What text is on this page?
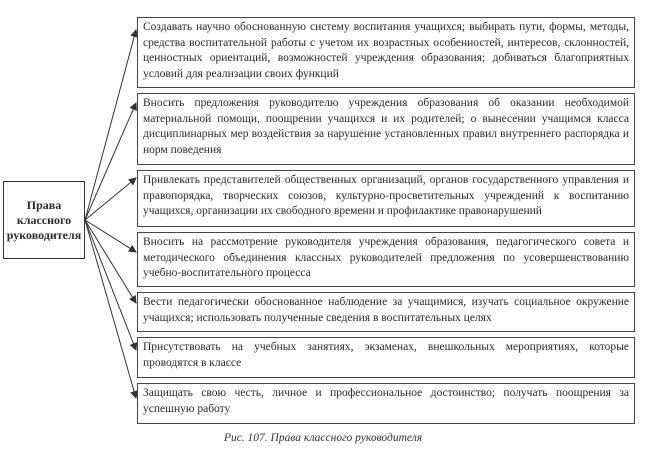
Права
классного
руководителя
Создавать научно обоснованную систему воспитания учащихся; выбирать пути, формы, методы, средства воспитательной работы с учетом их возрастных особенностей, интересов, склонностей, ценностных ориентаций, возможностей учреждения образования; добиваться благоприятных условий для реализации своих функций
Вносить предложения руководителю учреждения образования об оказании необходимой материальной помощи, поощрении учащихся и их родителей; о вынесении учащимся класса дисциплинарных мер воздействия за нарушение установленных правил внутреннего распорядка и норм поведения
Привлекать представителей общественных организаций, органов государственного управления и правопорядка, творческих союзов, культурно-просветительных учреждений к воспитанию учащихся, организации их свободного времени и профилактике правонарушений
Вносить на рассмотрение руководителя учреждения образования, педагогического совета и методического объединения классных руководителей предложения по усовершенствованию учебно-воспитательного процесса
Вести педагогически обоснованное наблюдение за учащимися, изучать социальное окружение учащихся; использовать полученные сведения в воспитательных целях
Присутствовать на учебных занятиях, экзаменах, внешкольных мероприятиях, которые проводятся в классе
Защищать свою честь, личное и профессиональное достоинство; получать поощрения за успешную работу
Рис. 107. Права классного руководителя
